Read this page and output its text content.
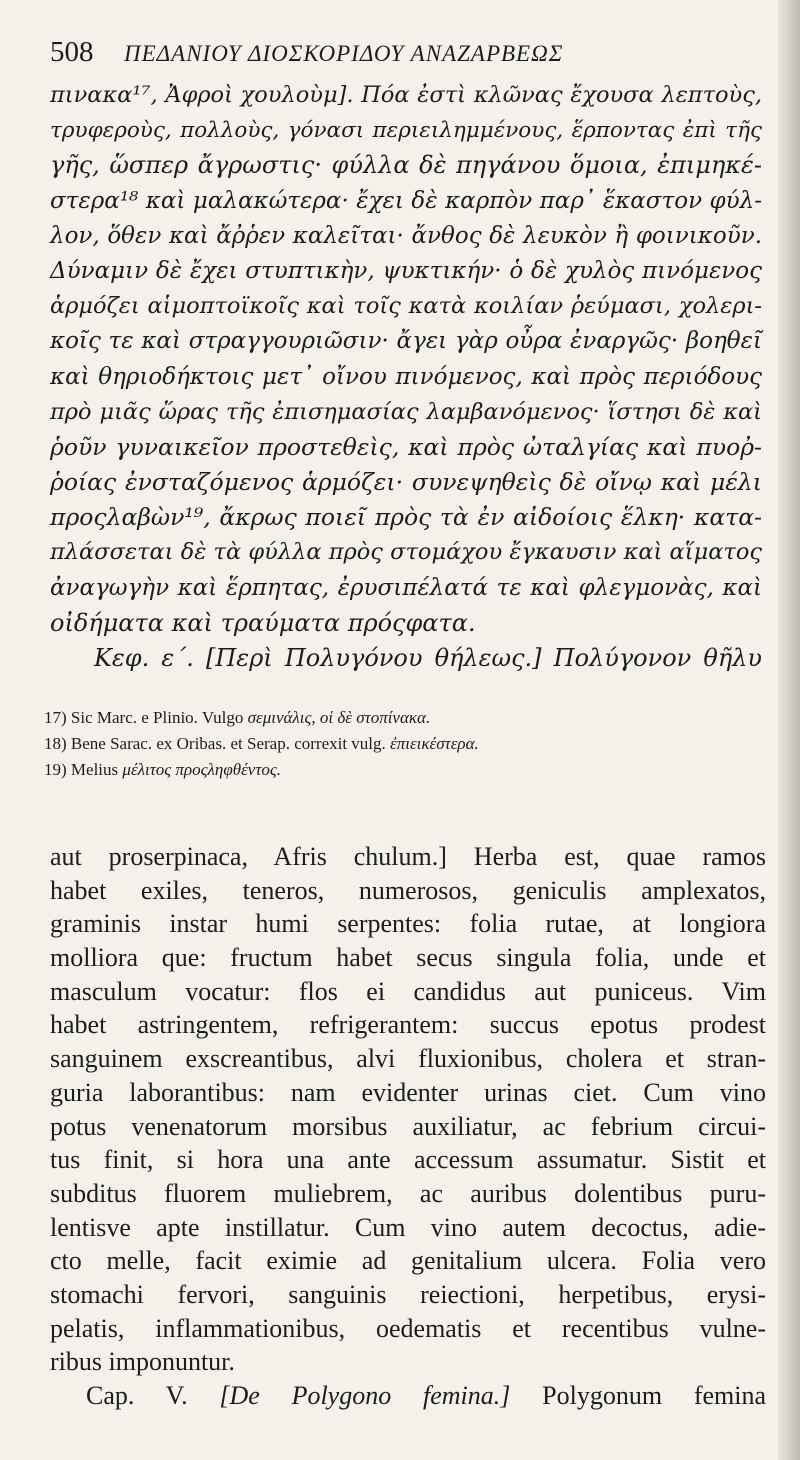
508	ΠΕΔΑΝΙΟΥ ΔΙΟΣΚΟΡΙΔΟΥ ΑΝΑΖΑΡΒΕΩΣ
πινακα¹⁷, Ἀφροὶ χουλοὺμ]. Πόα ἐστὶ κλῶνας ἔχουσα λεπτοὺς,
τρυφεροὺς, πολλοὺς, γόνασι περιειλημμένους, ἕρποντας ἐπὶ τῆς
γῆς, ὥσπερ ἄγρωστις· φύλλα δὲ πηγάνου ὅμοια, ἐπιμηκέ-
στερα¹⁸ καὶ μαλακώτερα· ἔχει δὲ καρπὸν παρ᾽ ἕκαστον φύλ-
λον, ὅθεν καὶ ἄῤῥεν καλεῖται· ἄνθος δὲ λευκὸν ἢ φοινικοῦν.
Δύναμιν δὲ ἔχει στυπτικὴν, ψυκτικήν· ὁ δὲ χυλὸς πινόμενος
ἁρμόζει αἱμοπτοϊκοῖς καὶ τοῖς κατὰ κοιλίαν ῥεύμασι, χολερι-
κοῖς τε καὶ στραγγουριῶσιν· ἄγει γὰρ οὖρα ἐναργῶς· βοηθεῖ
καὶ θηριοδήκτοις μετ᾽ οἴνου πινόμενος, καὶ πρὸς περιόδους
πρὸ μιᾶς ὥρας τῆς ἐπισημασίας λαμβανόμενος· ἵστησι δὲ καὶ
ῥοῦν γυναικεῖον προστεθεὶς, καὶ πρὸς ὠταλγίας καὶ πυοῤ-
ῥοίας ἐνσταζόμενος ἁρμόζει· συνεψηθεὶς δὲ οἴνῳ καὶ μέλι
προςλαβὼν¹⁹, ἄκρως ποιεῖ πρὸς τὰ ἐν αἰδοίοις ἕλκη· κατα-
πλάσσεται δὲ τὰ φύλλα πρὸς στομάχου ἔγκαυσιν καὶ αἵματος
ἀναγωγὴν καὶ ἕρπητας, ἐρυσιπέλατά τε καὶ φλεγμονὰς, καὶ
οἰδήματα καὶ τραύματα πρόςφατα.
Κεφ. ε΄. [Περὶ Πολυγόνου θήλεως.] Πολύγονον θῆλυ
17) Sic Marc. e Plinio. Vulgo σεμινάλις, οἱ δὲ στοπίνακα.
18) Bene Sarac. ex Oribas. et Serap. correxit vulg. ἐπιεικέστερα.
19) Melius μέλιτος προςληφθέντος.
aut proserpinaca, Afris chulum.] Herba est, quae ramos
habet exiles, teneros, numerosos, geniculis amplexatos,
graminis instar humi serpentes: folia rutae, at longiora
molliora que: fructum habet secus singula folia, unde et
masculum vocatur: flos ei candidus aut puniceus. Vim
habet astringentem, refrigerantem: succus epotus prodest
sanguinem exscreantibus, alvi fluxionibus, cholera et stran-
guria laborantibus: nam evidenter urinas ciet. Cum vino
potus venenatorum morsibus auxiliatur, ac febrium circui-
tus finit, si hora una ante accessum assumatur. Sistit et
subditus fluorem muliebrem, ac auribus dolentibus puru-
lentisve apte instillatur. Cum vino autem decoctus, adie-
cto melle, facit eximie ad genitalium ulcera. Folia vero
stomachi fervori, sanguinis reiectioni, herpetibus, erysi-
pelatis, inflammationibus, oedematis et recentibus vulne-
ribus imponuntur.
Cap. V. [De Polygono femina.] Polygonum femina
